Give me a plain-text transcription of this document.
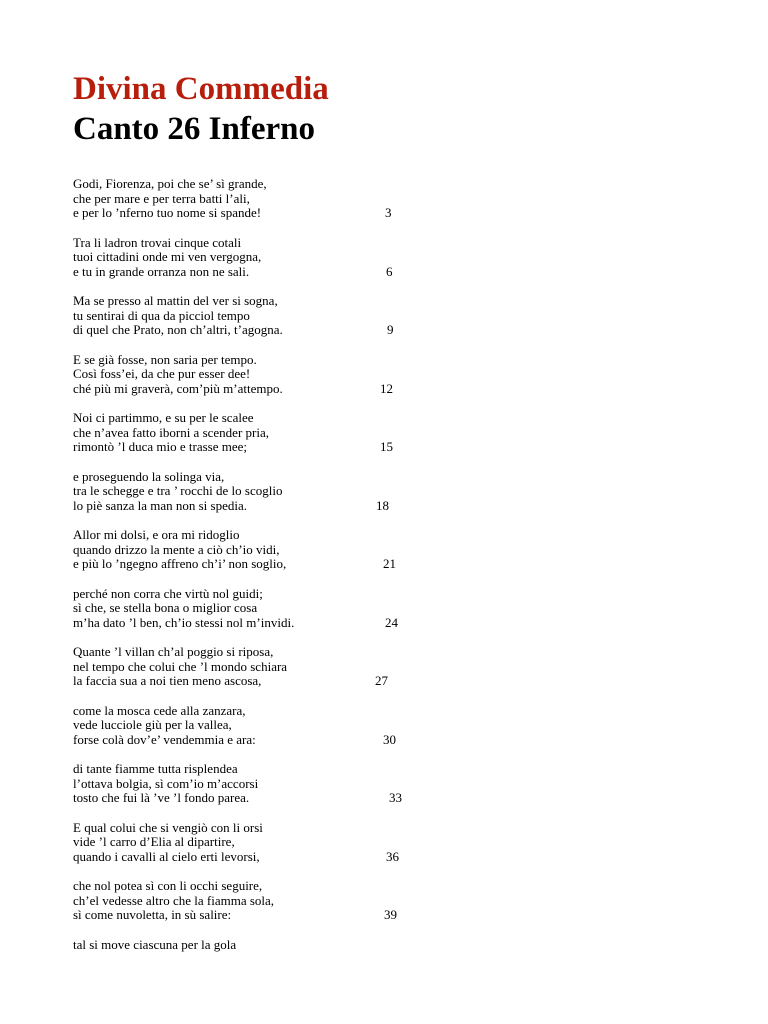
Divina Commedia
Canto 26 Inferno
Godi, Fiorenza, poi che se’ sì grande,
che per mare e per terra batti l’ali,
e per lo ’nferno tuo nome si spande!	3
Tra li ladron trovai cinque cotali
tuoi cittadini onde mi ven vergogna,
e tu in grande orranza non ne sali.	6
Ma se presso al mattin del ver si sogna,
tu sentirai di qua da picciol tempo
di quel che Prato, non ch’altri, t’agogna.	9
E se già fosse, non saria per tempo.
Così foss’ei, da che pur esser dee!
ché più mi graverà, com’più m’attempo.	12
Noi ci partimmo, e su per le scalee
che n’avea fatto iborni a scender pria,
rimontò ’l duca mio e trasse mee;	15
e proseguendo la solinga via,
tra le schegge e tra ’ rocchi de lo scoglio
lo piè sanza la man non si spedia.	18
Allor mi dolsi, e ora mi ridoglio
quando drizzo la mente a ciò ch’io vidi,
e più lo ’ngegno affreno ch’i’ non soglio,	21
perché non corra che virtù nol guidi;
sì che, se stella bona o miglior cosa
m’ha dato ’l ben, ch’io stessi nol m’invidi.	24
Quante ’l villan ch’al poggio si riposa,
nel tempo che colui che ’l mondo schiara
la faccia sua a noi tien meno ascosa,	27
come la mosca cede alla zanzara,
vede lucciole giù per la vallea,
forse colà dov’e’ vendemmia e ara:	30
di tante fiamme tutta risplendea
l’ottava bolgia, sì com’io m’accorsi
tosto che fui là ’ve ’l fondo parea.	33
E qual colui che si vengiò con li orsi
vide ’l carro d’Elia al dipartire,
quando i cavalli al cielo erti levorsi,	36
che nol potea sì con li occhi seguire,
ch’el vedesse altro che la fiamma sola,
sì come nuvoletta, in sù salire:	39
tal si move ciascuna per la gola
